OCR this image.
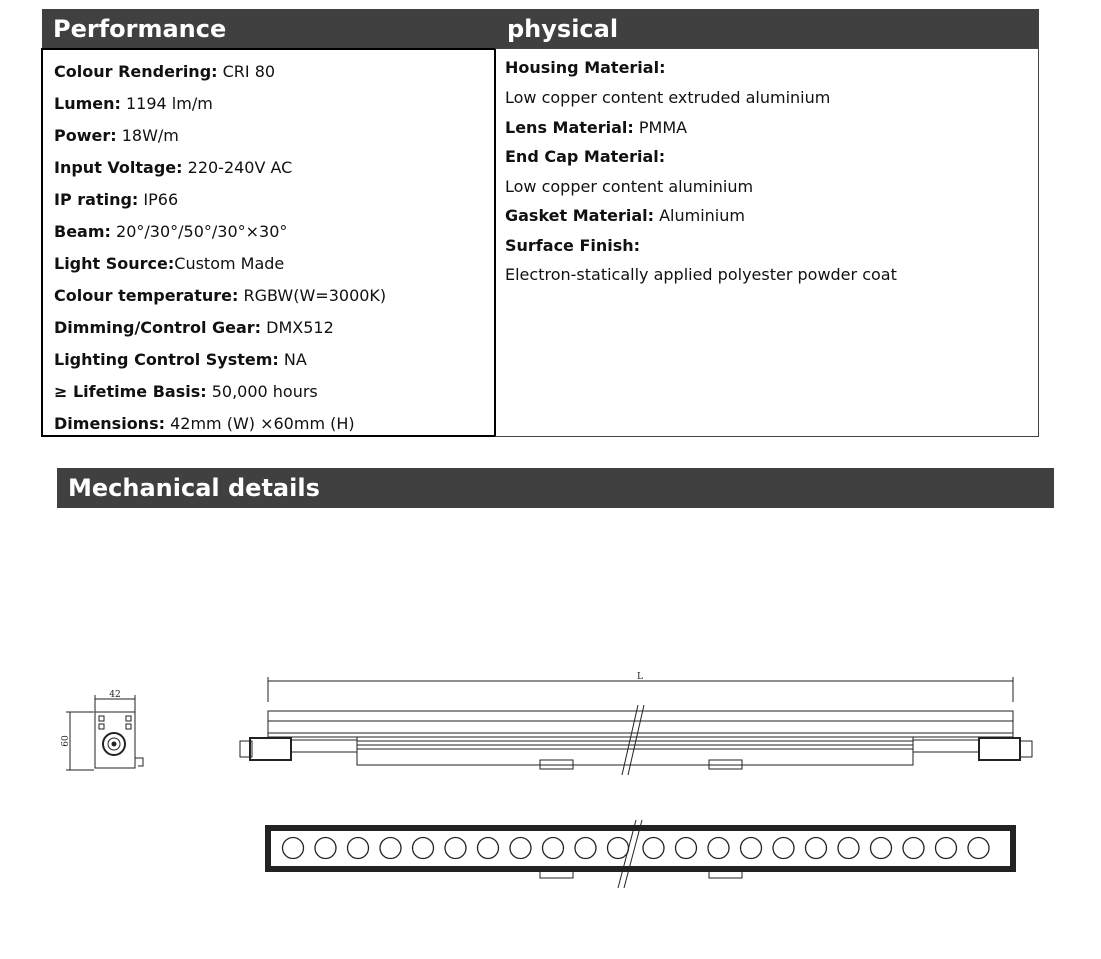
Performance	physical
Colour Rendering: CRI 80
Lumen: 1194 lm/m
Power: 18W/m
Input Voltage: 220-240V AC
IP rating: IP66
Beam: 20°/30°/50°/30°×30°
Light Source:Custom Made
Colour temperature: RGBW(W=3000K)
Dimming/Control Gear: DMX512
Lighting Control System: NA
≥ Lifetime Basis: 50,000 hours
Dimensions: 42mm (W) ×60mm (H)
Housing Material:
Low copper content extruded aluminium
Lens Material: PMMA
End Cap Material:
Low copper content aluminium
Gasket Material: Aluminium
Surface Finish:
Electron-statically applied polyester powder coat
Mechanical details
42
60
L
